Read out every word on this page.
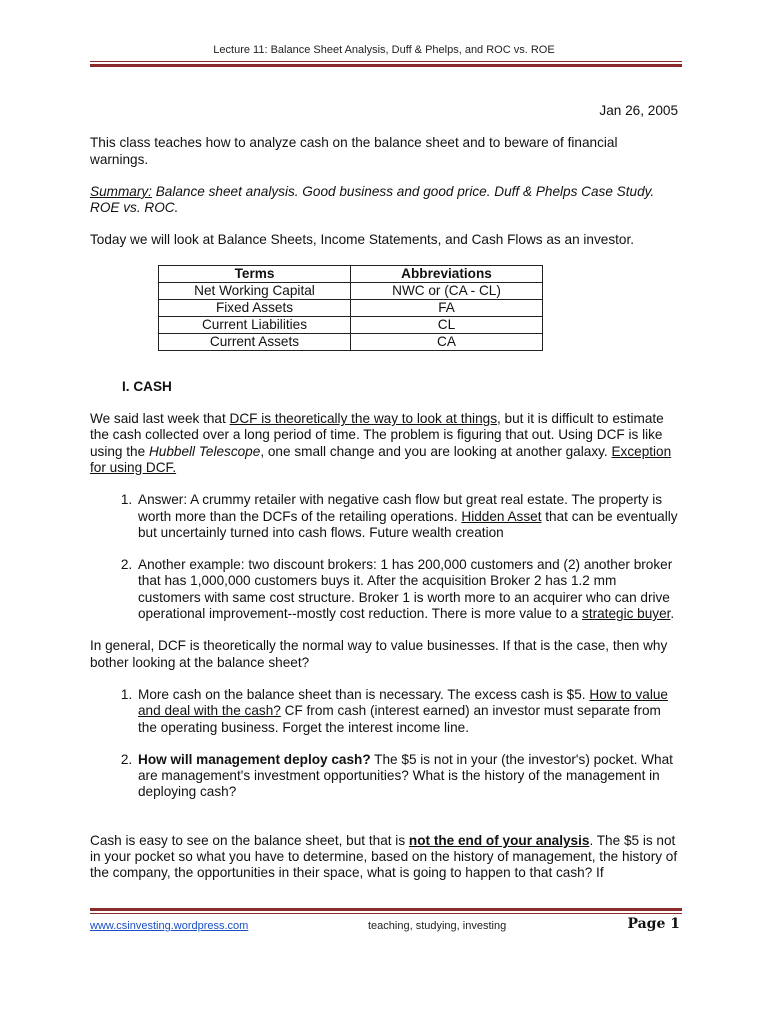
Lecture 11: Balance Sheet Analysis, Duff & Phelps, and ROC vs. ROE
Jan 26, 2005

This class teaches how to analyze cash on the balance sheet and to beware of financial warnings.

Summary: Balance sheet analysis. Good business and good price. Duff & Phelps Case Study. ROE vs. ROC.

Today we will look at Balance Sheets, Income Statements, and Cash Flows as an investor.

Terms	Abbreviations
Net Working Capital	NWC or (CA - CL)
Fixed Assets	FA
Current Liabilities	CL
Current Assets	CA
I. CASH

We said last week that DCF is theoretically the way to look at things, but it is difficult to estimate the cash collected over a long period of time. The problem is figuring that out. Using DCF is like using the Hubbell Telescope, one small change and you are looking at another galaxy. Exception for using DCF.

1. Answer: A crummy retailer with negative cash flow but great real estate. The property is worth more than the DCFs of the retailing operations. Hidden Asset that can be eventually but uncertainly turned into cash flows. Future wealth creation
2. Another example: two discount brokers: 1 has 200,000 customers and (2) another broker that has 1,000,000 customers buys it. After the acquisition Broker 2 has 1.2 mm customers with same cost structure. Broker 1 is worth more to an acquirer who can drive operational improvement--mostly cost reduction. There is more value to a strategic buyer.

In general, DCF is theoretically the normal way to value businesses. If that is the case, then why bother looking at the balance sheet?

1. More cash on the balance sheet than is necessary. The excess cash is $5. How to value and deal with the cash? CF from cash (interest earned) an investor must separate from the operating business. Forget the interest income line.
2. How will management deploy cash? The $5 is not in your (the investor's) pocket. What are management's investment opportunities? What is the history of the management in deploying cash?

Cash is easy to see on the balance sheet, but that is not the end of your analysis. The $5 is not in your pocket so what you have to determine, based on the history of management, the history of the company, the opportunities in their space, what is going to happen to that cash? If

www.csinvesting.wordpress.com	teaching, studying, investing	Page 1
